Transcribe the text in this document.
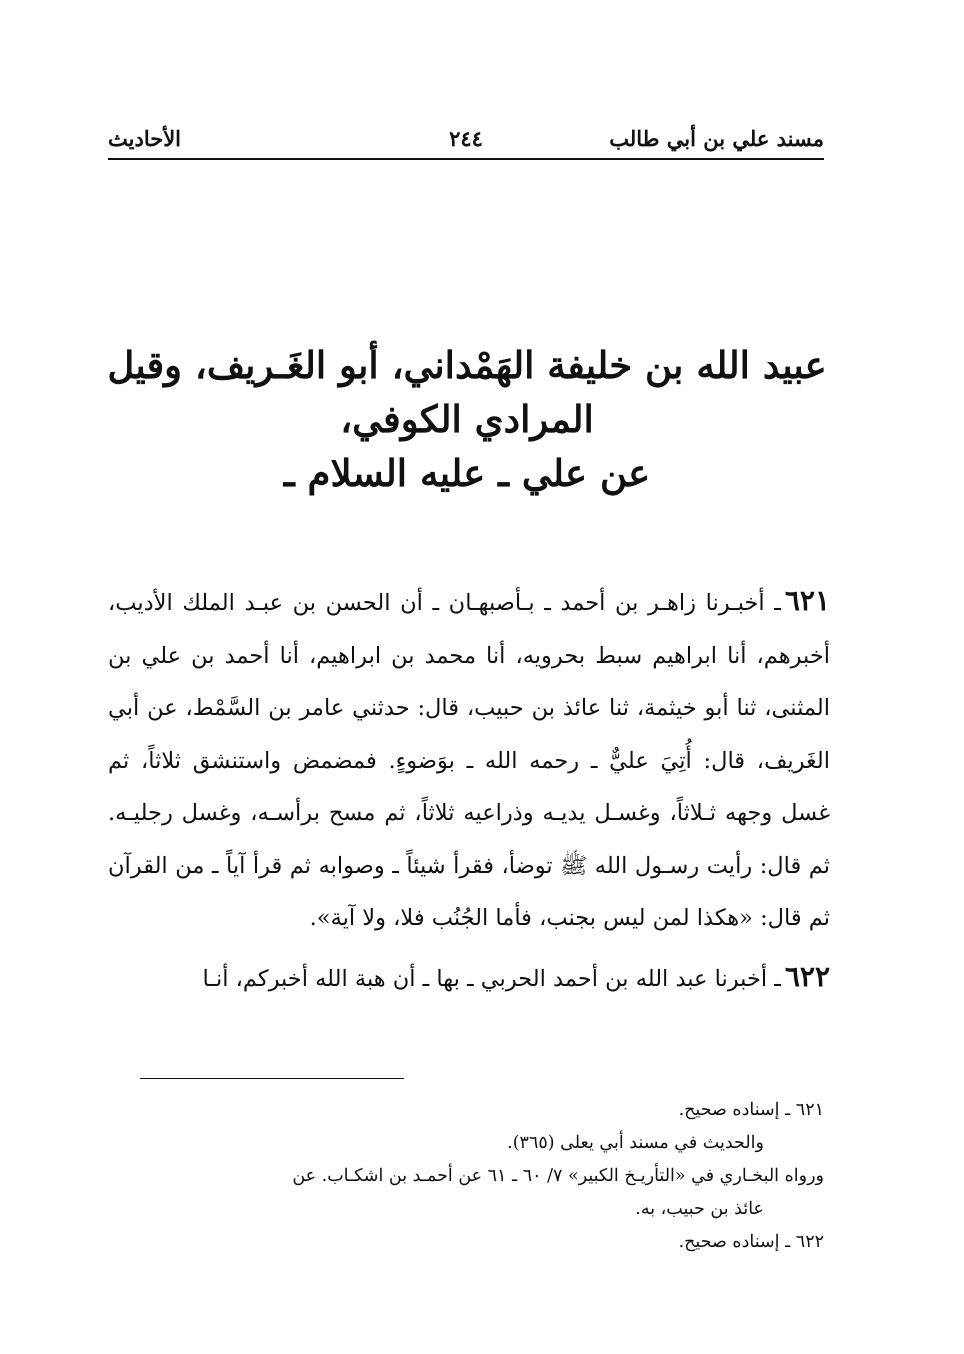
مسند علي بن أبي طالب
٢٤٤
الأحاديث
عبيد الله بن خليفة الهَمْداني، أبو الغَـريف، وقيل
المرادي الكوفي،
عن علي ـ عليه السلام ـ

٦٢١ـ أخبـرنا زاهـر بن أحمد ـ بـأصبهـان ـ أن الحسن بن عبـد الملك الأديب، أخبرهم، أنا ابراهيم سبط بحرويه، أنا محمد بن ابراهيم، أنا أحمد بن علي بن المثنى، ثنا أبو خيثمة، ثنا عائذ بن حبيب، قال: حدثني عامر بن السَّمْط، عن أبي الغَريف، قال: أُتِيَ عليٌّ ـ رحمه الله ـ بوَضوءٍ. فمضمض واستنشق ثلاثاً، ثم غسل وجهه ثـلاثاً، وغسـل يديـه وذراعيه ثلاثاً، ثم مسح برأسـه، وغسل رجليـه. ثم قال: رأيت رسـول الله ﷺ توضأ، فقرأ شيئاً ـ وصوابه ثم قرأ آياً ـ من القرآن ثم قال: «هكذا لمن ليس بجنب، فأما الجُنُب فلا، ولا آية».

٦٢٢ـ أخبرنا عبد الله بن أحمد الحربي ـ بها ـ أن هبة الله أخبركم، أنـا

٦٢١ ـ إسناده صحيح.
والحديث في مسند أبي يعلى (٣٦٥).
ورواه البخـاري في «التأريـخ الكبير» ٧/ ٦٠ ـ ٦١ عن أحمـد بن اشكـاب. عن
عائذ بن حبيب، به.
٦٢٢ ـ إسناده صحيح.
